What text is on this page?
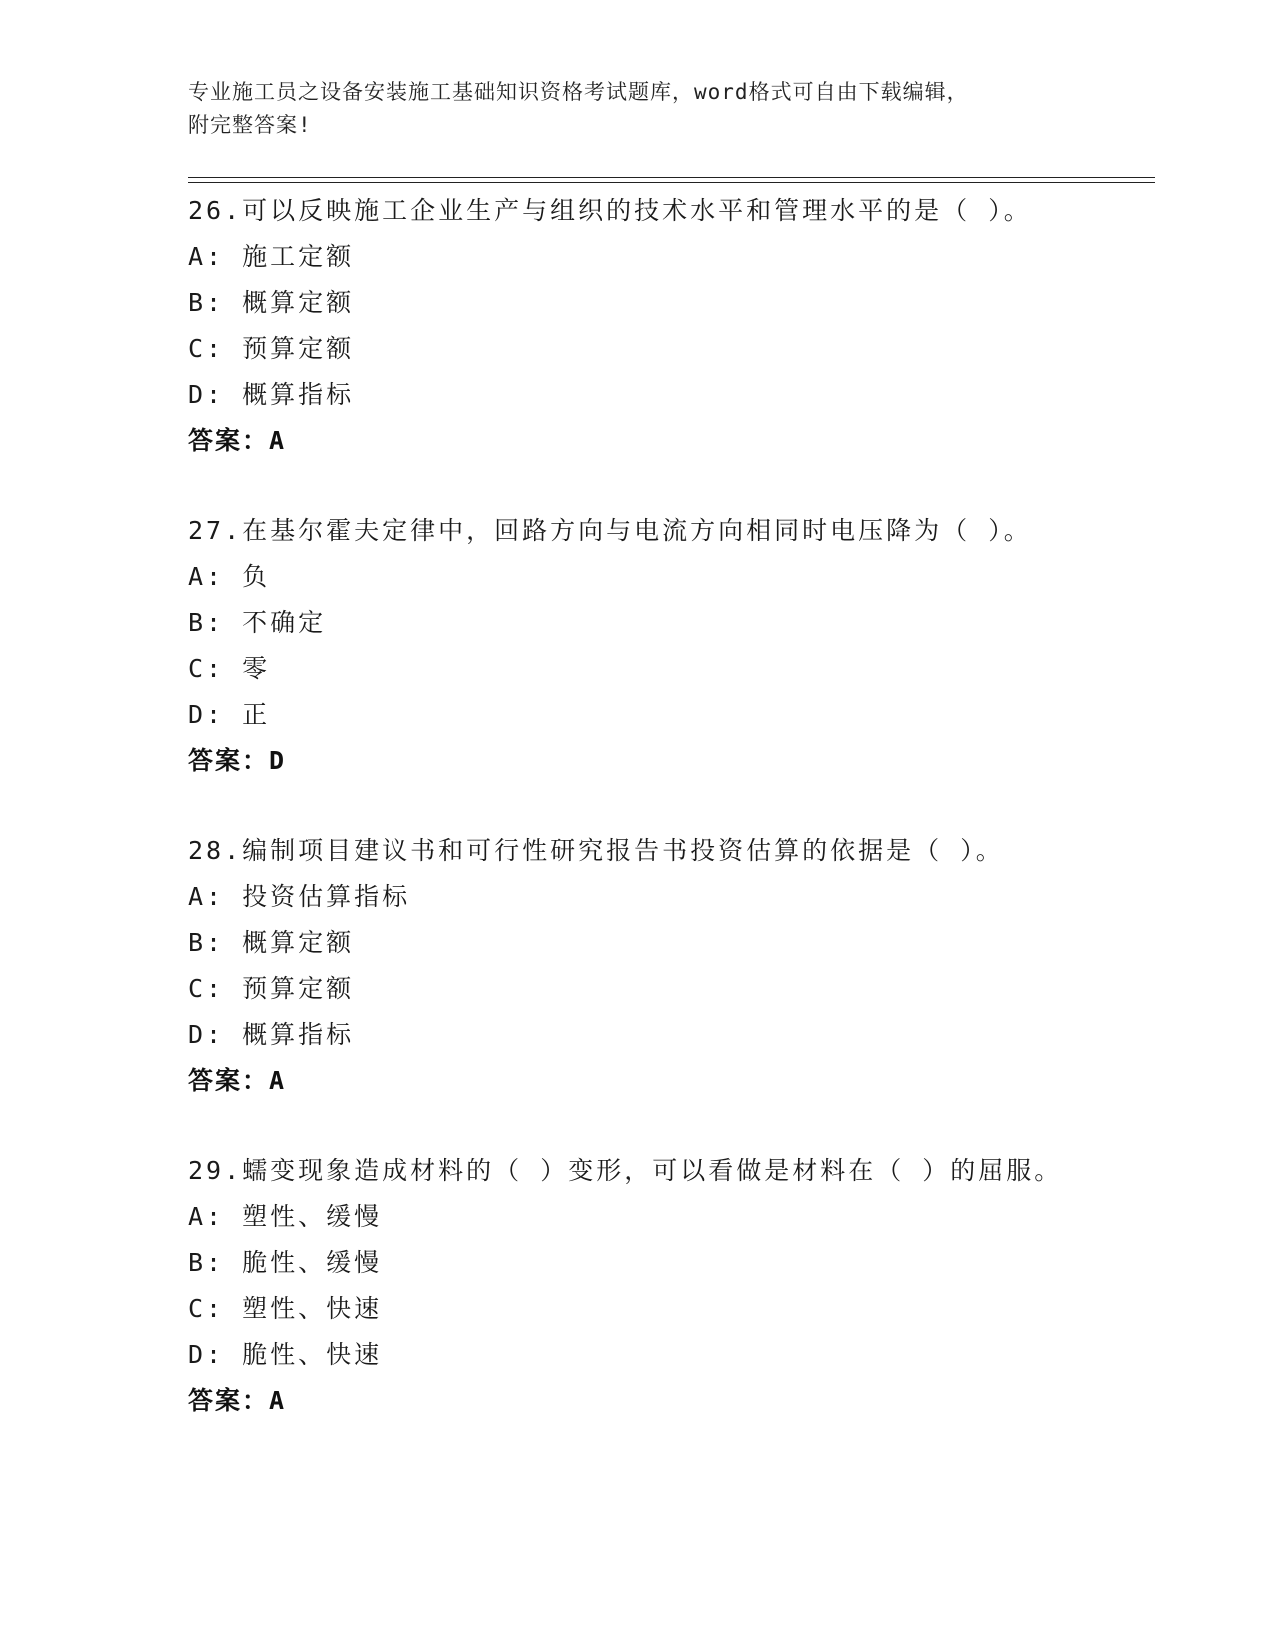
专业施工员之设备安装施工基础知识资格考试题库，word格式可自由下载编辑，
附完整答案!
26.可以反映施工企业生产与组织的技术水平和管理水平的是（ ）。
A: 施工定额
B: 概算定额
C: 预算定额
D: 概算指标
答案：A
27.在基尔霍夫定律中，回路方向与电流方向相同时电压降为（ ）。
A: 负
B: 不确定
C: 零
D: 正
答案：D
28.编制项目建议书和可行性研究报告书投资估算的依据是（ ）。
A: 投资估算指标
B: 概算定额
C: 预算定额
D: 概算指标
答案：A
29.蠕变现象造成材料的（ ）变形，可以看做是材料在（ ）的屈服。
A: 塑性、缓慢
B: 脆性、缓慢
C: 塑性、快速
D: 脆性、快速
答案：A
